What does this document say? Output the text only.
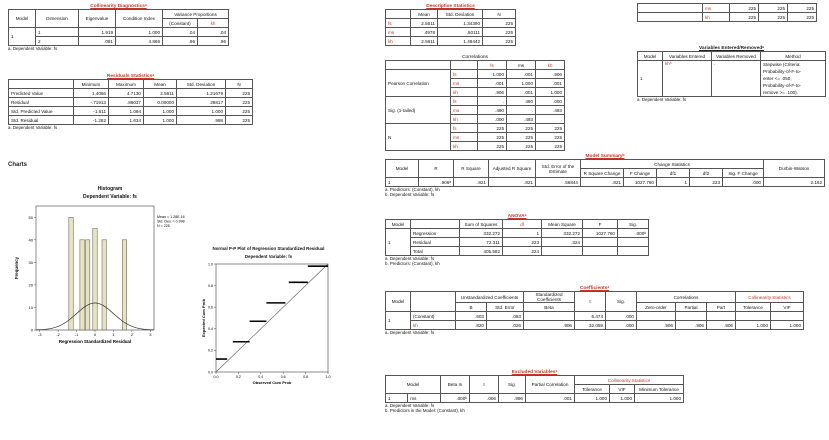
Collinearity Diagnosticsᵃ
Model	Dimension	Eigenvalue	Condition Index	Variance Proportions	
				(Constant)	kh
1	1	1.919	1.000	.04	.04
	2	.081	4.866	.96	.96
a. Dependent Variable: fs
Residuals Statisticsᵃ
	Minimum	Maximum	Mean	Std. Deviation	N
Predicted Value	1.4066	4.7130	2.5611	1.21679	225
Residual	-.71913	.86037	0.00000	28817	225
Std. Predicted Value	-1.611	1.094	1.000	1.000	225
Std. Residual	-1.282	1.634	1.000	.998	225
a. Dependent Variable: fs
Charts
Histogram
Dependent Variable: fs
0
10
20
30
40
50
-3	-2	-1	0	1	2	3
Mean = 1.28E-16
Std. Dev. = 0.998
N = 225
Frequency
Regression Standardized Residual
Normal P-P Plot of Regression Standardized Residual
Dependent Variable: fs
0.0
0.0
0.2
0.2
0.4
0.4
0.6
0.6
0.8
0.8
1.0
1.0
Expected Cum Prob
Observed Cum Prob
Descriptive Statistics
	Mean	Std. Deviation	N
fs	2.5611	1.34390	225
ms	.4978	.50111	225
kh	2.5611	1.48442	225
Correlations
		fs	ms	kh
Pearson Correlation	fs	1.000	.001	.906
	ms	.001	1.000	.001
	kh	.906	.001	1.000
Sig. (1-tailed)	fs	.	490	.000
	ms	.490	.	.493
	kh	.000	.493	.
N	fs	225	225	225
	ms	225	225	225
	kh	225	225	225
	ms	225	225	225
	kh	225	225	225
Variables Entered/Removedᵃ
Model	Variables Entered	Variables Removed	Method
1	khᵇ	.	Stepwise (Criteria:
Probability-of-F-to-
enter <= .050,
Probability-of-F-to-
remove >= .100).
a. Dependent Variable: fs
Model Summaryᵇ
Model	R	R Square	Adjusted R Square	Std. Error of the Estimate	Change Statistics					Durbin-Watson
					R Square Change	F Change	df1	df2	Sig. F Change	
1	.906ᵃ	.821	.821	.56844	.821	1027.760	1	223	.000	2.162
a. Predictors: (Constant), kh
b. Dependent Variable: fs
ANOVAᵃ
Model		Sum of Squares	df	Mean Square	F	Sig.
1	Regression	332.272	1	332.272	1027.760	.000ᵇ
	Residual	72.311	223	.324		
	Total	405.582	224			
a. Dependent Variable: fs
b. Predictors: (Constant), kh
Coefficientsᵃ
Model		Unstandardized Coefficients		Standardized Coefficients	t	Sig.	Correlations			Collinearity Statistics	
		B	Std. Error	Beta			Zero-order	Partial	Part	Tolerance	VIF
1	(Constant)	.603	.093		6.474	.000					
	kh	.820	.026	.906	32.059	.000	.906	.906	.906	1.000	1.000
a. Dependent Variable: fs
Excluded Variablesᵃ
Model		Beta In	t	Sig.	Partial Correlation	Collinearity Statistics		
						Tolerance	VIF	Minimum Tolerance
1	ms	.000ᵇ	.006	.996	.001	1.000	1.000	1.000
a. Dependent Variable: fs
b. Predictors in the Model: (Constant), kh
